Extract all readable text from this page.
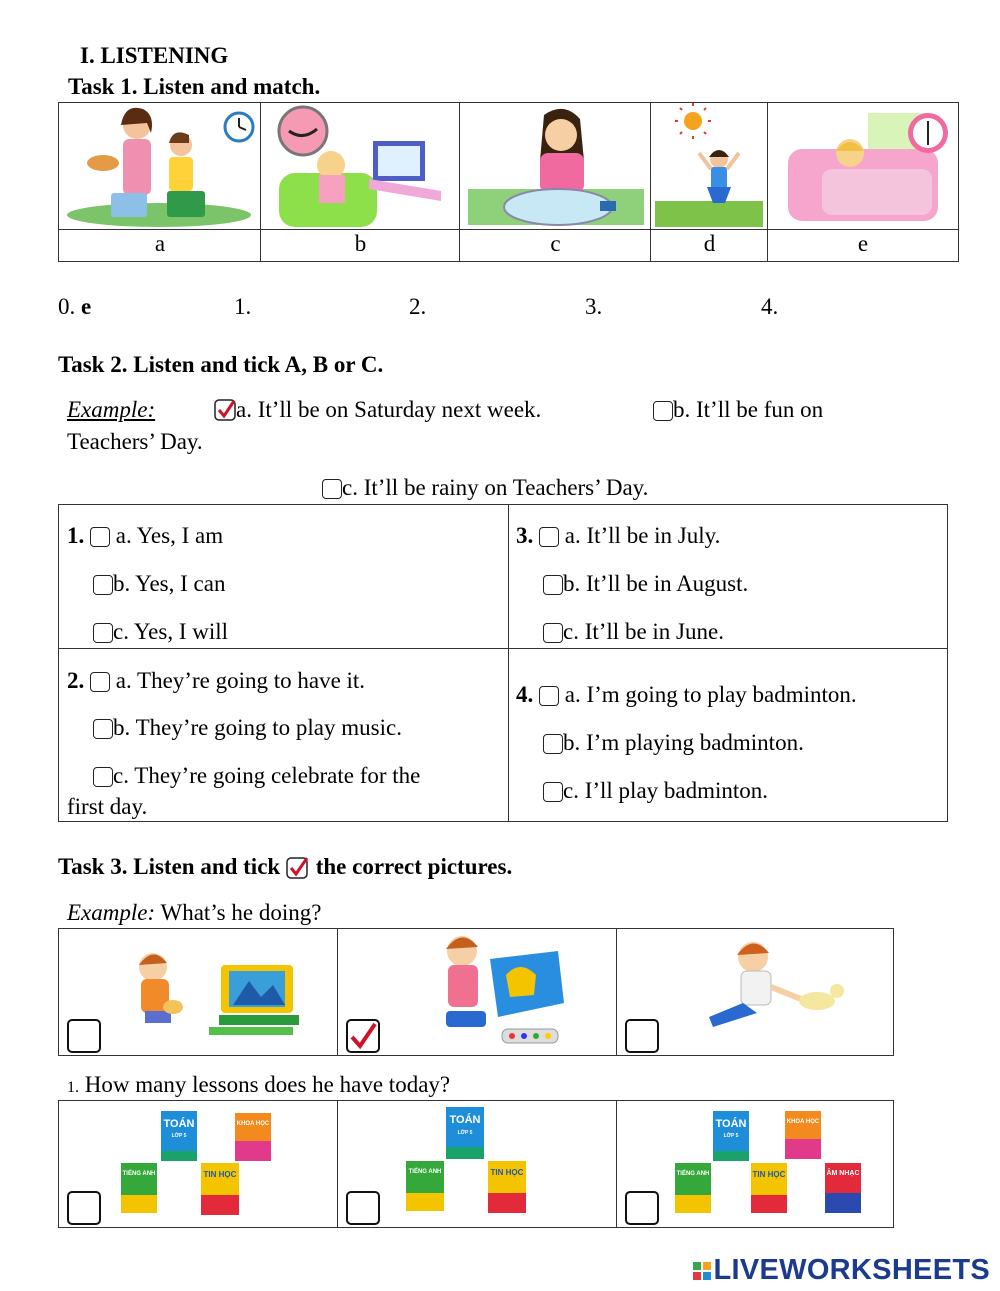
I. LISTENING
Task 1. Listen and match.
a	b	c	d	e
0. e	1.	2.	3.	4.
Task 2. Listen and tick A, B or C.
Example:	a. It’ll be on Saturday next week.	b. It’ll be fun on
Teachers’ Day.
c. It’ll be rainy on Teachers’ Day.
1. a. Yes, I am
b. Yes, I can
c. Yes, I will
3. a. It’ll be in July.
b. It’ll be in August.
c. It’ll be in June.
2. a. They’re going to have it.
b. They’re going to play music.
c. They’re going celebrate for the
first day.
4. a. I’m going to play badminton.
b. I’m playing badminton.
c. I’ll play badminton.
Task 3. Listen and tick the correct pictures.
Example: What’s he doing?
1. How many lessons does he have today?
TOÁN
LỚP 5
KHOA HỌC
TIẾNG ANH	TIN HỌC
TOÁN
LỚP 5
TIẾNG ANH	TIN HỌC
TOÁN
LỚP 5
KHOA HỌC
TIẾNG ANH	TIN HỌC	ÂM NHẠC
LIVEWORKSHEETS
